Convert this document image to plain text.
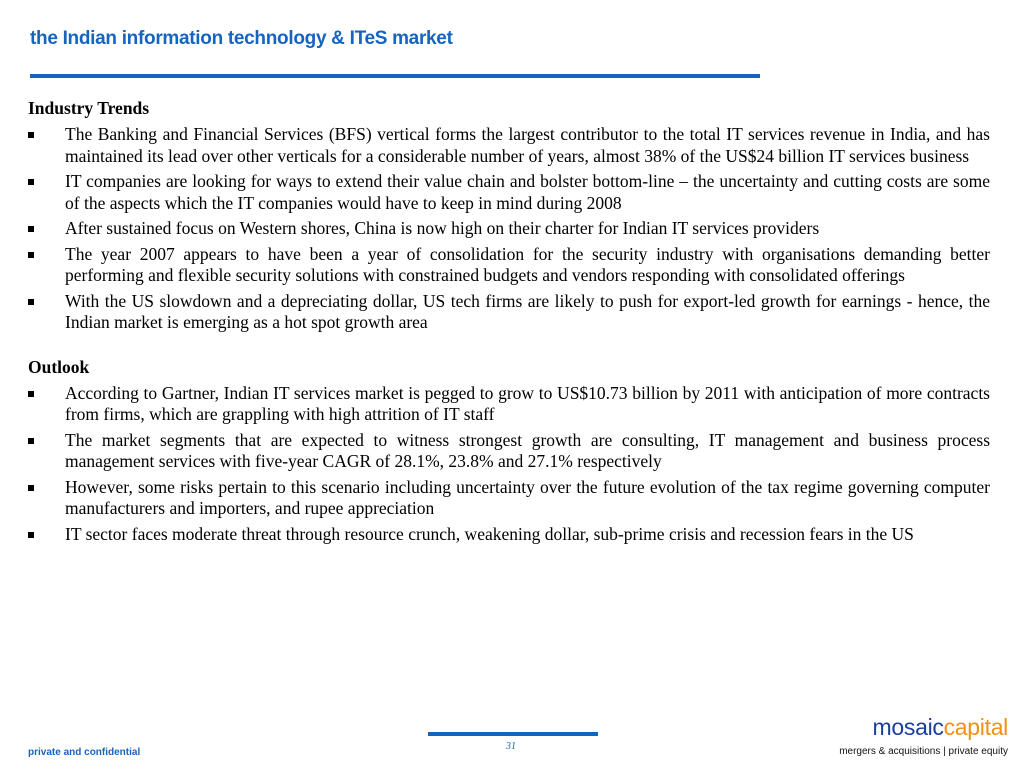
the Indian information technology & ITeS market
Industry Trends
The Banking and Financial Services (BFS) vertical forms the largest contributor to the total IT services revenue in India, and has maintained its lead over other verticals for a considerable number of years, almost 38% of the US$24 billion IT services business
IT companies are looking for ways to extend their value chain and bolster bottom-line – the uncertainty and cutting costs are some of the aspects which the IT companies would have to keep in mind during 2008
After sustained focus on Western shores, China is now high on their charter for Indian IT services providers
The year 2007 appears to have been a year of consolidation for the security industry with organisations demanding better performing and flexible security solutions with constrained budgets and vendors responding with consolidated offerings
With the US slowdown and a depreciating dollar, US tech firms are likely to push for export-led growth for earnings - hence, the Indian market is emerging as a hot spot growth area
Outlook
According to Gartner, Indian IT services market is pegged to grow to US$10.73 billion by 2011 with anticipation of more contracts from firms, which are grappling with high attrition of IT staff
The market segments that are expected to witness strongest growth are consulting, IT management and business process management services with five-year CAGR of 28.1%, 23.8% and 27.1% respectively
However, some risks pertain to this scenario including uncertainty over the future evolution of the tax regime governing computer manufacturers and importers, and rupee appreciation
IT sector faces moderate threat through resource crunch, weakening dollar, sub-prime crisis and recession fears in the US
31
private and confidential
mosaiccapital
mergers & acquisitions | private equity
